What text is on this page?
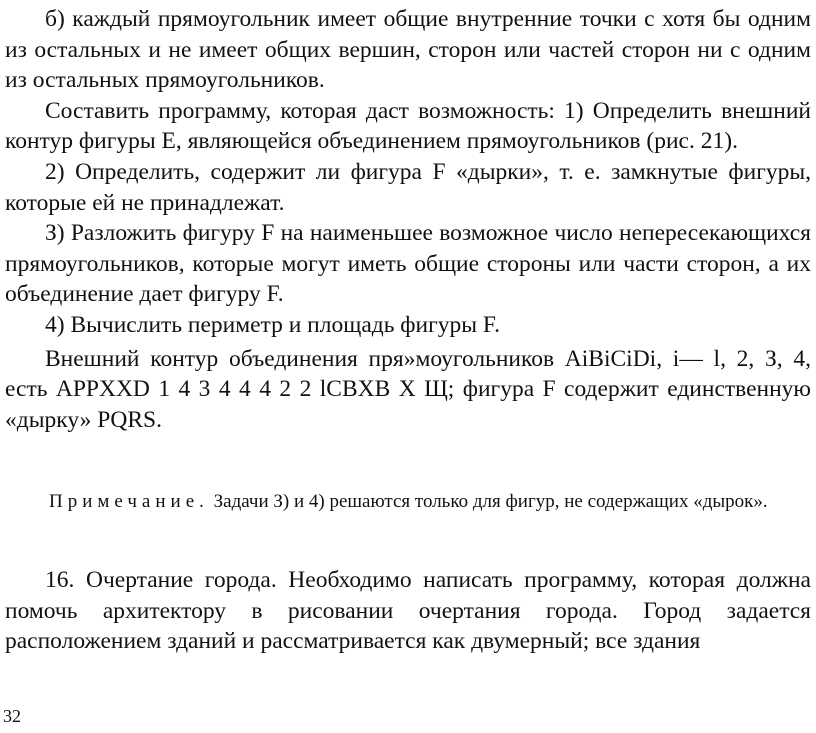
б) каждый прямоугольник имеет общие внутренние точки с хотя бы одним из остальных и не имеет общих вершин, сторон или частей сторон ни с одним из остальных прямоугольников.

Составить программу, которая даст возможность: 1) Определить внешний контур фигуры Е, являющейся объединением прямоугольников (рис. 21).

2) Определить, содержит ли фигура F «дырки», т. е. замкнутые фигуры, которые ей не принадлежат.

З) Разложить фигуру F на наименьшее возможное число непересекающихся прямоугольников, которые могут иметь общие стороны или части сторон, а их объединение дает фигуру F.

4) Вычислить периметр и площадь фигуры F.

Внешний контур объединения пря»моугольников AiBiCiDi, i— l, 2, З, 4, есть APPXXD 1 4 3 4 4 4 2 2 lCBXB X Щ; фигура F содержит единственную «дырку» PQRS.

Примечание. Задачи З) и 4) решаются только для фигур, не содержащих «дырок».

16. Очертание города. Необходимо написать программу, которая должна помочь архитектору в рисовании очертания города. Город задается расположением зданий и рассматривается как двумерный; все здания

32
